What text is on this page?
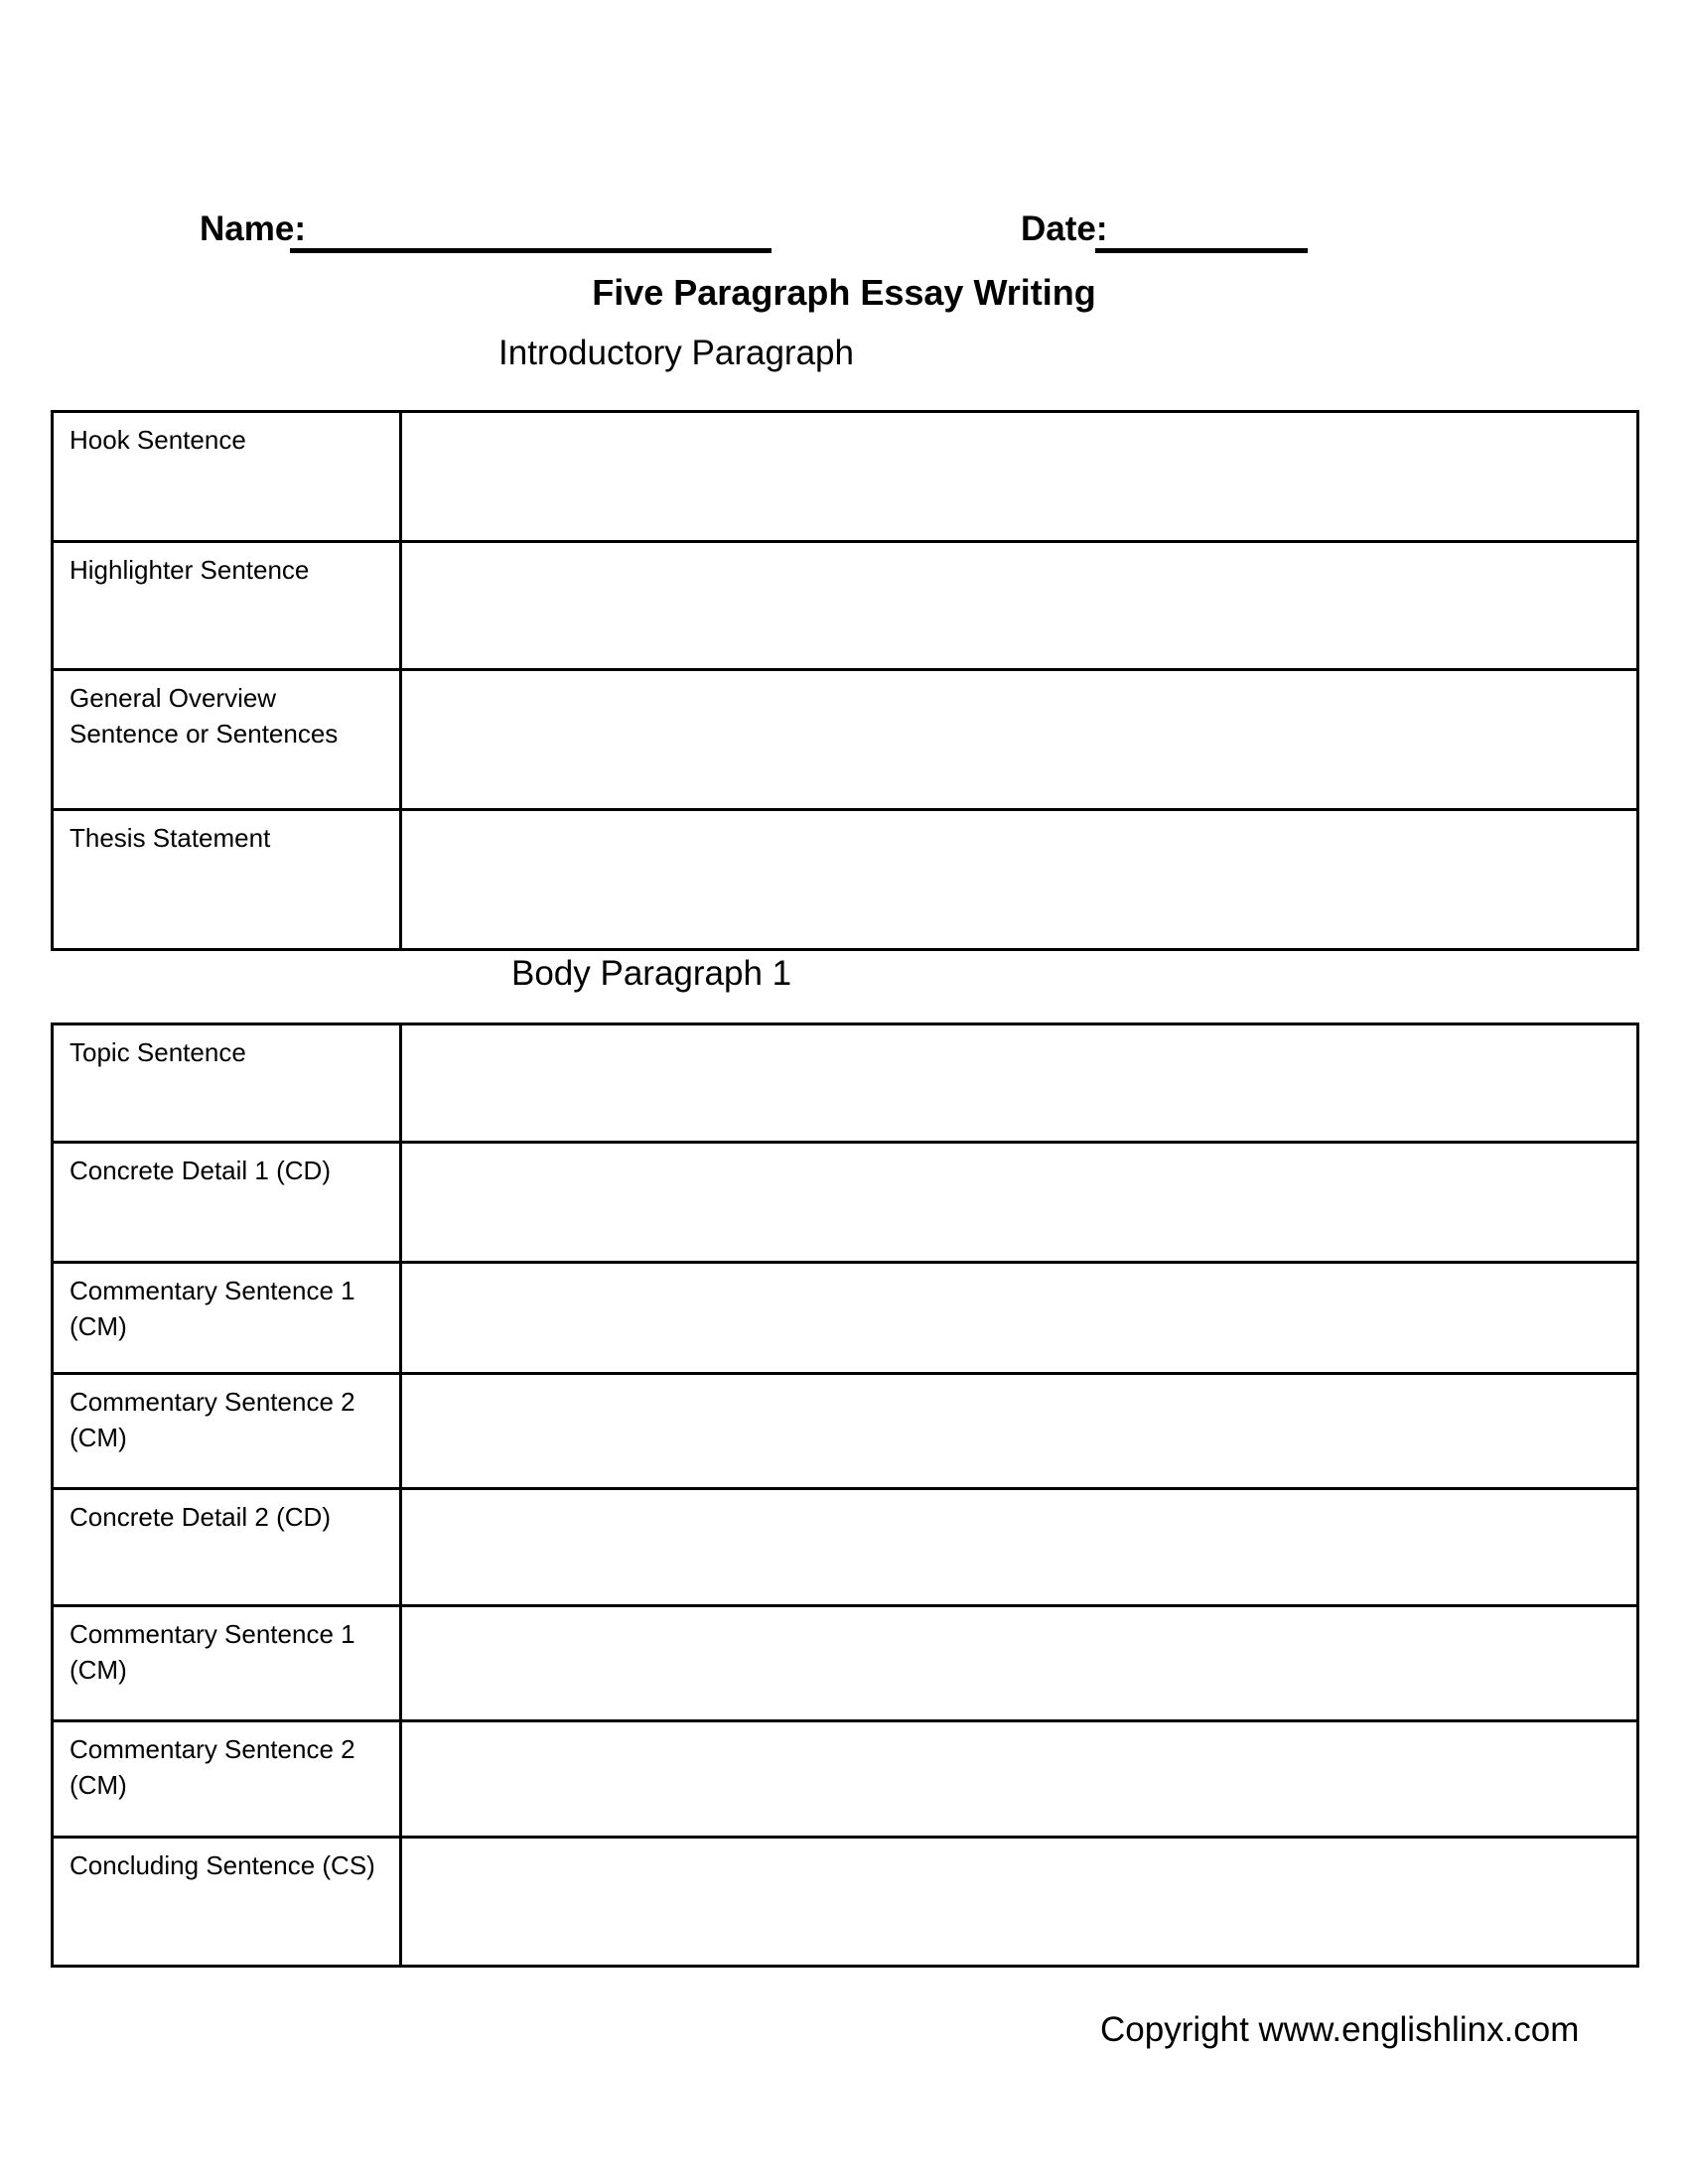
Name:	Date:
Five Paragraph Essay Writing
Introductory Paragraph
Hook Sentence	
Highlighter Sentence	
General Overview Sentence or Sentences	
Thesis Statement	
Body Paragraph 1
Topic Sentence	
Concrete Detail 1 (CD)	
Commentary Sentence 1 (CM)	
Commentary Sentence 2 (CM)	
Concrete Detail 2 (CD)	
Commentary Sentence 1 (CM)	
Commentary Sentence 2 (CM)	
Concluding Sentence (CS)	
Copyright www.englishlinx.com
